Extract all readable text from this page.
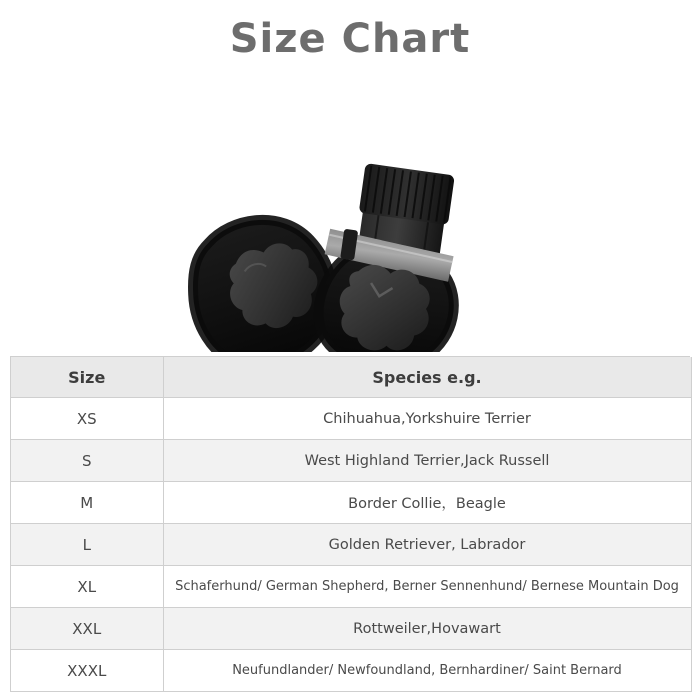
Size Chart
Size	Species e.g.
XS	Chihuahua,Yorkshuire Terrier
S	West Highland Terrier,Jack Russell
M	Border Collie，Beagle
L	Golden Retriever, Labrador
XL	Schaferhund/ German Shepherd, Berner Sennenhund/ Bernese Mountain Dog
XXL	Rottweiler,Hovawart
XXXL	Neufundlander/ Newfoundland, Bernhardiner/ Saint Bernard
